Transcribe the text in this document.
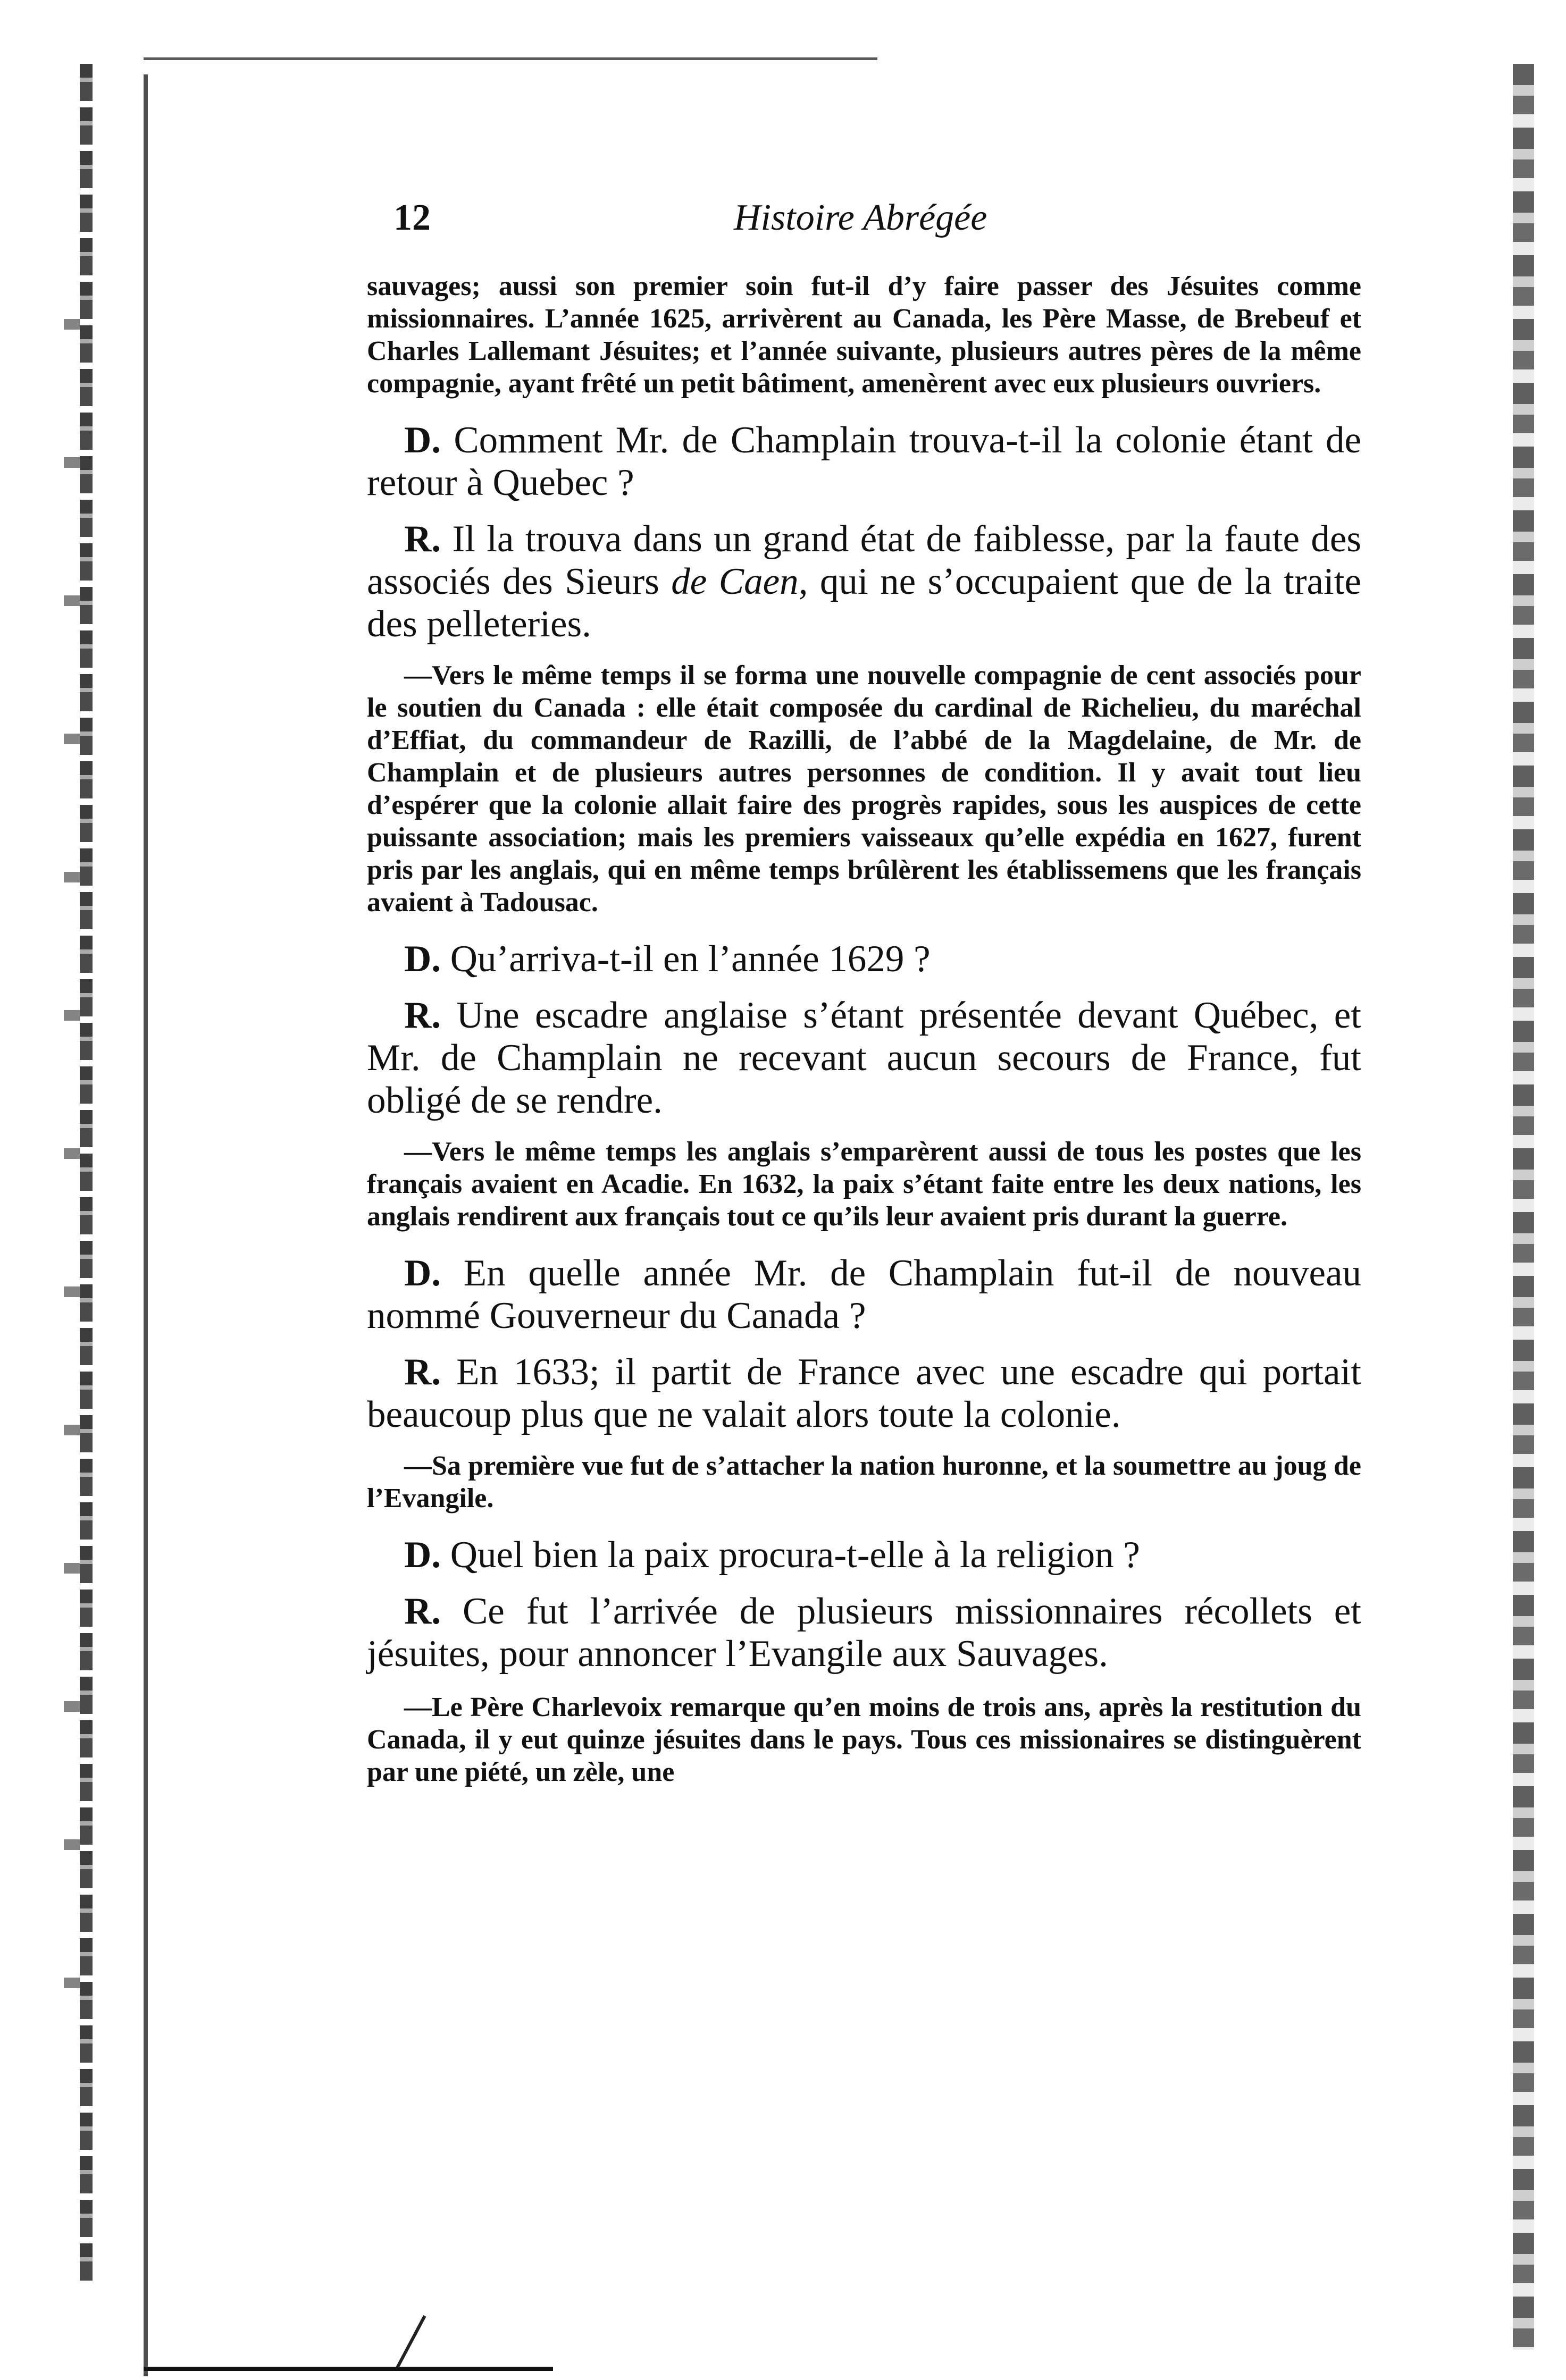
12	Histoire Abrégée

sauvages; aussi son premier soin fut-il d’y faire passer des Jésuites comme missionnaires. L’année 1625, arrivèrent au Canada, les Père Masse, de Brebeuf et Charles Lallemant Jésuites; et l’année suivante, plusieurs autres pères de la même compagnie, ayant frêté un petit bâtiment, amenèrent avec eux plusieurs ouvriers.

D. Comment Mr. de Champlain trouva-t-il la colonie étant de retour à Quebec ?

R. Il la trouva dans un grand état de faiblesse, par la faute des associés des Sieurs de Caen, qui ne s’occupaient que de la traite des pelleteries.

—Vers le même temps il se forma une nouvelle compagnie de cent associés pour le soutien du Canada : elle était composée du cardinal de Richelieu, du maréchal d’Effiat, du commandeur de Razilli, de l’abbé de la Magdelaine, de Mr. de Champlain et de plusieurs autres personnes de condition. Il y avait tout lieu d’espérer que la colonie allait faire des progrès rapides, sous les auspices de cette puissante association; mais les premiers vaisseaux qu’elle expédia en 1627, furent pris par les anglais, qui en même temps brûlèrent les établissemens que les français avaient à Tadousac.

D. Qu’arriva-t-il en l’année 1629 ?

R. Une escadre anglaise s’étant présentée devant Québec, et Mr. de Champlain ne recevant aucun secours de France, fut obligé de se rendre.

—Vers le même temps les anglais s’emparèrent aussi de tous les postes que les français avaient en Acadie. En 1632, la paix s’étant faite entre les deux nations, les anglais rendirent aux français tout ce qu’ils leur avaient pris durant la guerre.

D. En quelle année Mr. de Champlain fut-il de nouveau nommé Gouverneur du Canada ?

R. En 1633; il partit de France avec une escadre qui portait beaucoup plus que ne valait alors toute la colonie.

—Sa première vue fut de s’attacher la nation huronne, et la soumettre au joug de l’Evangile.

D. Quel bien la paix procura-t-elle à la religion ?

R. Ce fut l’arrivée de plusieurs missionnaires récollets et jésuites, pour annoncer l’Evangile aux Sauvages.

—Le Père Charlevoix remarque qu’en moins de trois ans, après la restitution du Canada, il y eut quinze jésuites dans le pays. Tous ces missionaires se distinguèrent par une piété, un zèle, une
